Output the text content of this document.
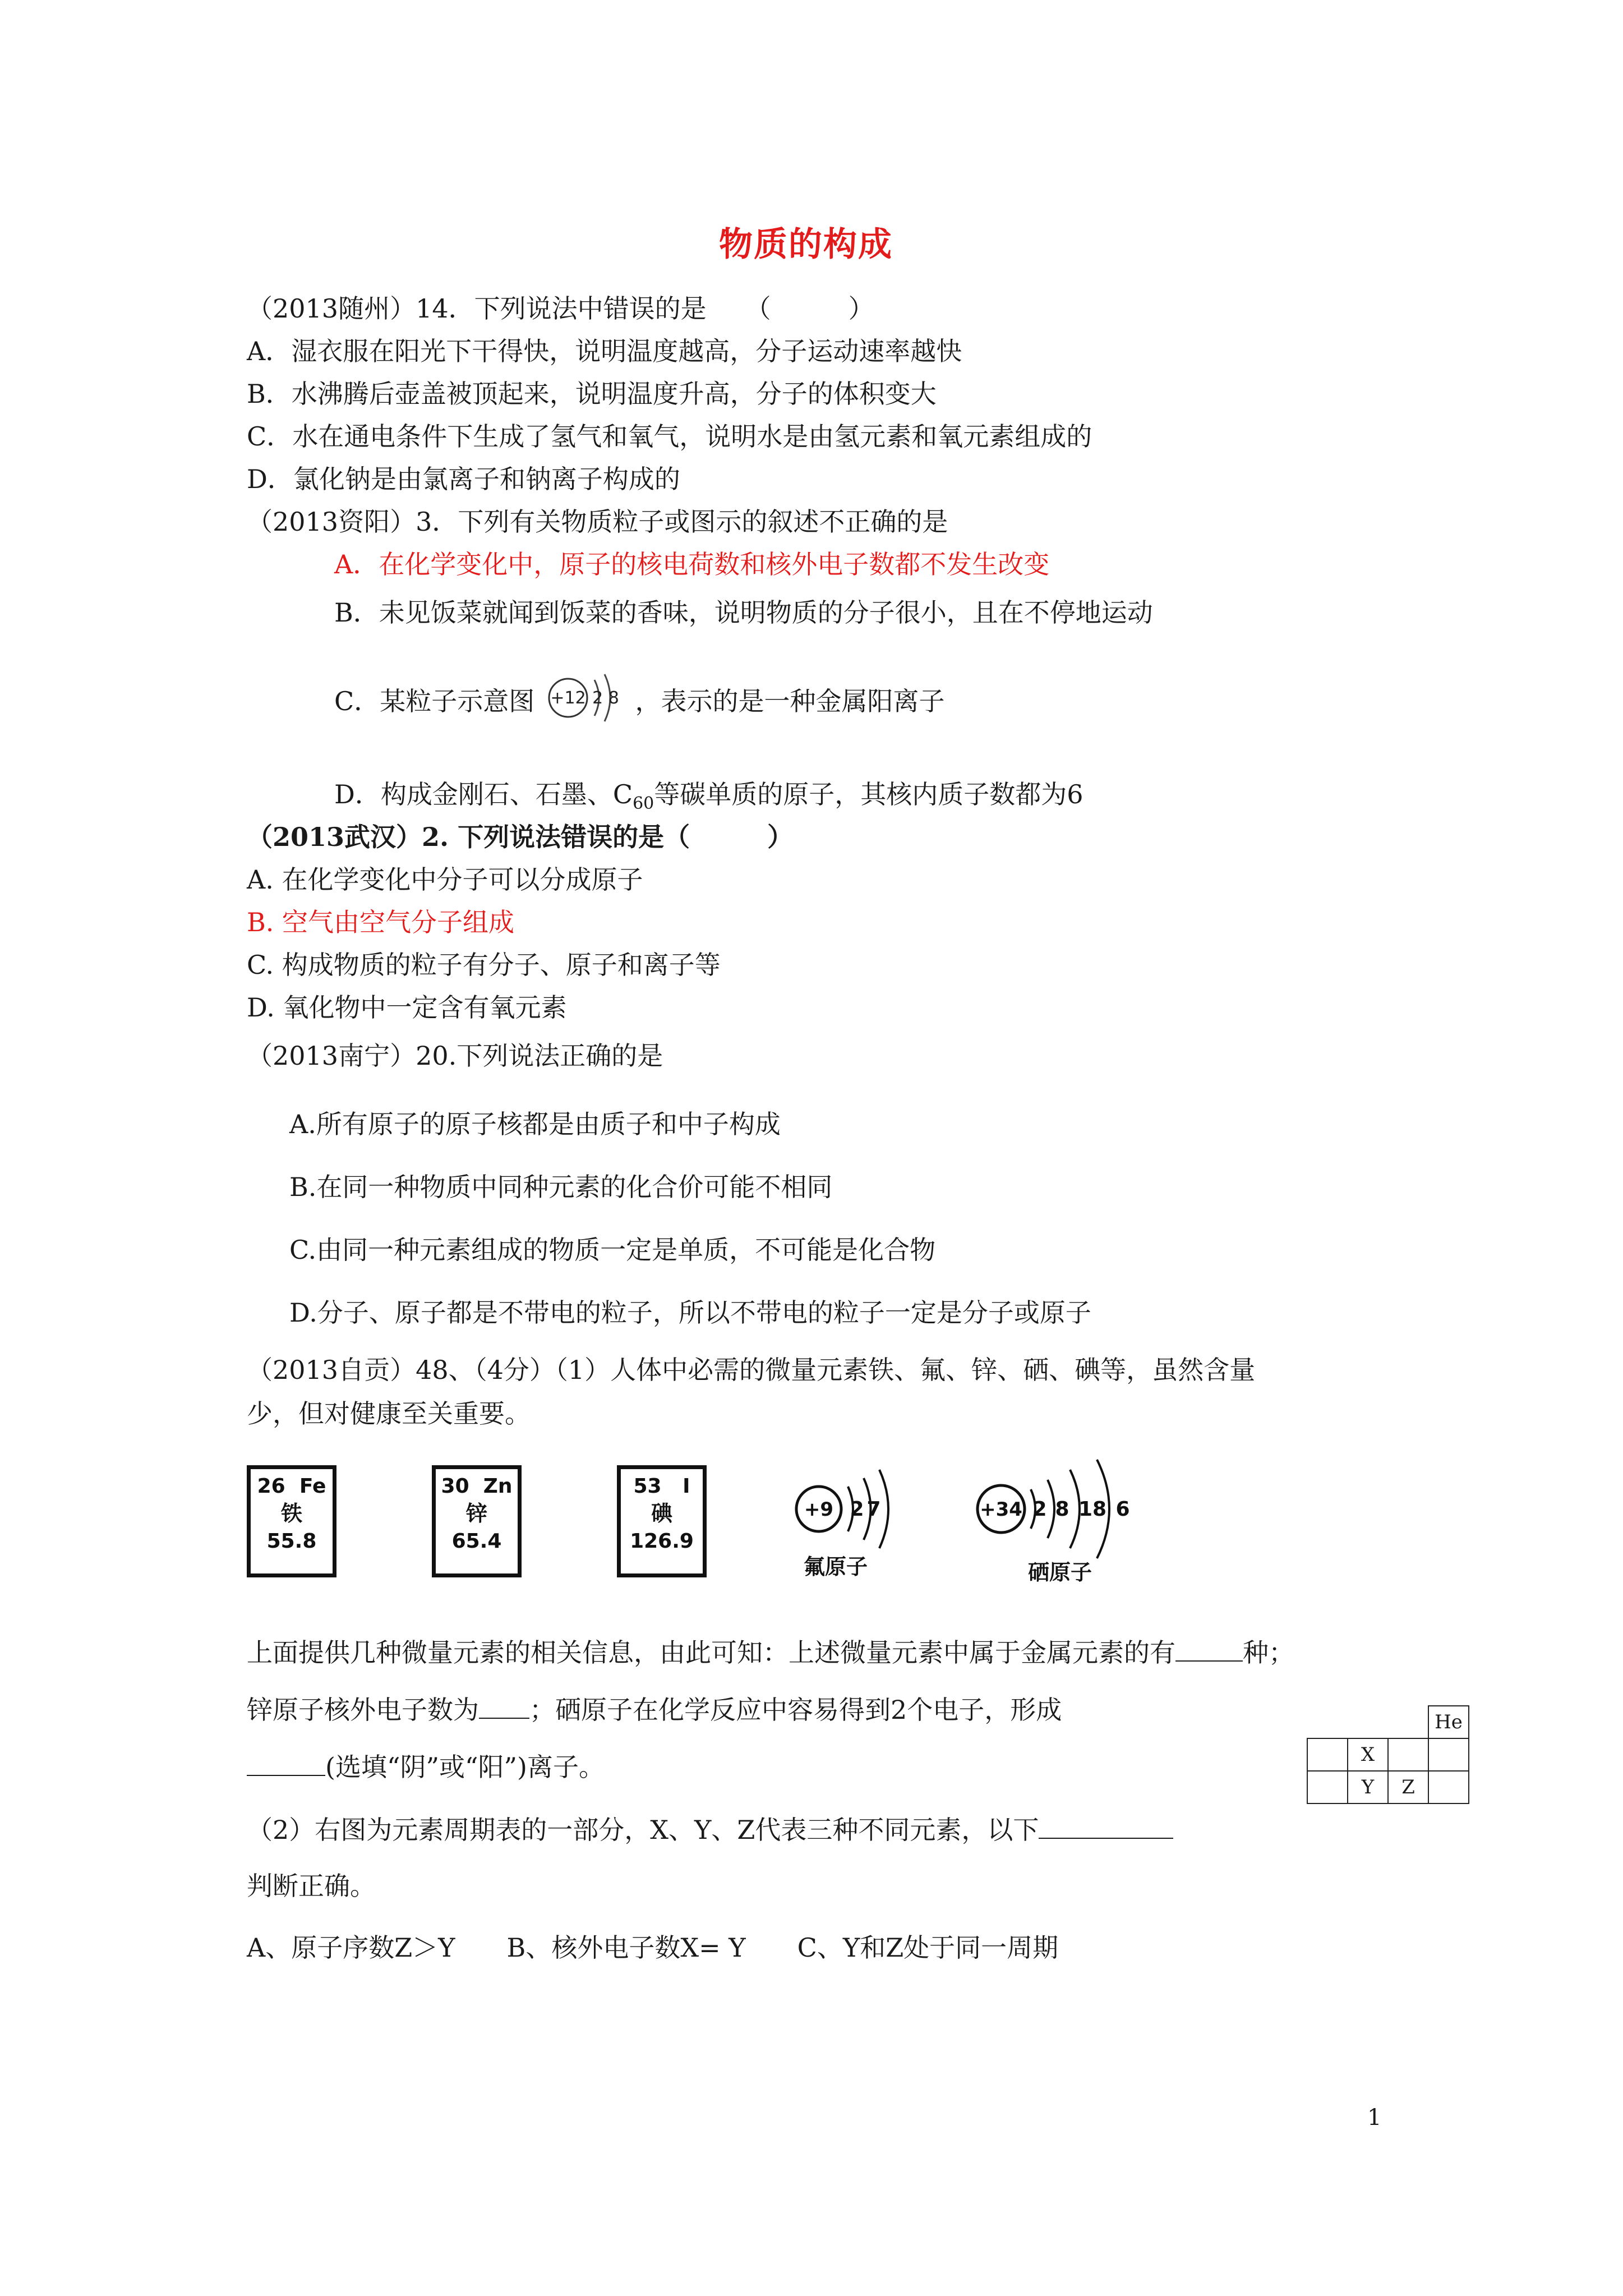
物质的构成
（2013随州）14．下列说法中错误的是　　（　　　）
A．湿衣服在阳光下干得快，说明温度越高，分子运动速率越快
B．水沸腾后壶盖被顶起来，说明温度升高，分子的体积变大
C．水在通电条件下生成了氢气和氧气，说明水是由氢元素和氧元素组成的
D．氯化钠是由氯离子和钠离子构成的
（2013资阳）3．下列有关物质粒子或图示的叙述不正确的是
A．在化学变化中，原子的核电荷数和核外电子数都不发生改变
B．未见饭菜就闻到饭菜的香味，说明物质的分子很小，且在不停地运动
C．某粒子示意图 +12 2 8 ，表示的是一种金属阳离子
D．构成金刚石、石墨、$C_{60}$等碳单质的原子，其核内质子数都为6
（2013武汉）2. 下列说法错误的是（　　　）
A. 在化学变化中分子可以分成原子
B. 空气由空气分子组成
C. 构成物质的粒子有分子、原子和离子等
D. 氧化物中一定含有氧元素
（2013南宁）20.下列说法正确的是
A.所有原子的原子核都是由质子和中子构成
B.在同一种物质中同种元素的化合价可能不相同
C.由同一种元素组成的物质一定是单质，不可能是化合物
D.分子、原子都是不带电的粒子，所以不带电的粒子一定是分子或原子
（2013自贡）48、（4分）（1）人体中必需的微量元素铁、氟、锌、硒、碘等，虽然含量
少，但对健康至关重要。
26 Fe
铁
55.8
30 Zn
锌
65.4
53 I
碘
126.9
+9 2 7
氟原子
+34 2 8 18 6
硒原子
上面提供几种微量元素的相关信息，由此可知：上述微量元素中属于金属元素的有	种；
锌原子核外电子数为 ；硒原子在化学反应中容易得到2个电子，形成
(选填“阴”或“阳”)离子。
			He
	X		
	Y	Z	
（2）右图为元素周期表的一部分，X、Y、Z代表三种不同元素，以下
判断正确。
A、原子序数Z＞Y　　B、核外电子数X= Y　　C、Y和Z处于同一周期
1
